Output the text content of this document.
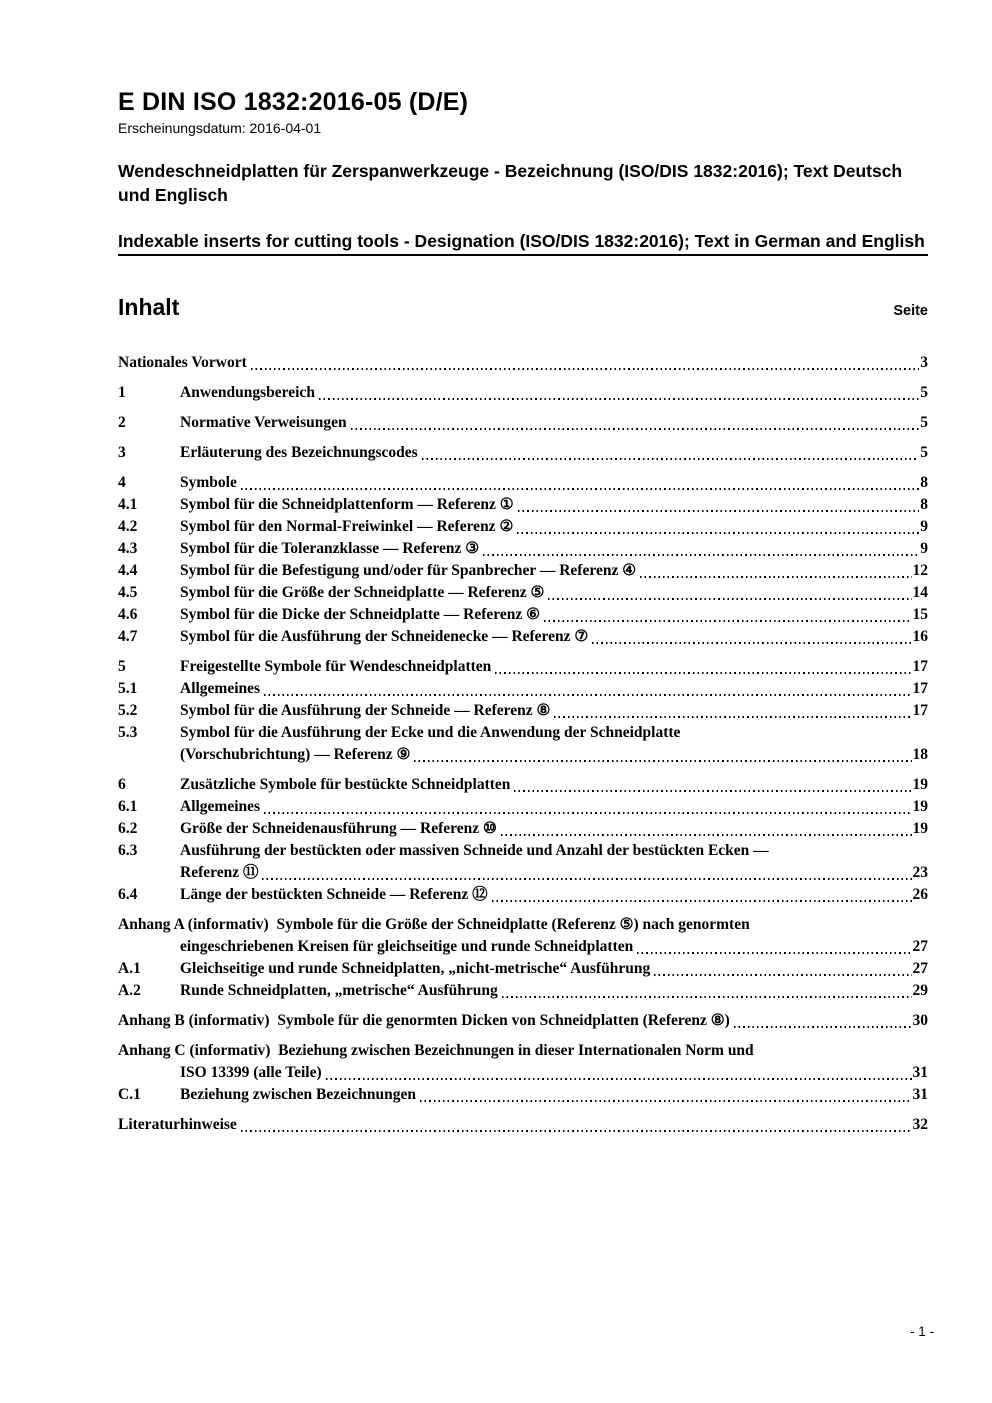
E DIN ISO 1832:2016-05 (D/E)
Erscheinungsdatum: 2016-04-01
Wendeschneidplatten für Zerspanwerkzeuge - Bezeichnung (ISO/DIS 1832:2016); Text Deutsch und Englisch
Indexable inserts for cutting tools - Designation (ISO/DIS 1832:2016); Text in German and English
Inhalt	Seite
Nationales Vorwort	3
1	Anwendungsbereich	5
2	Normative Verweisungen	5
3	Erläuterung des Bezeichnungscodes	5
4	Symbole	8
4.1	Symbol für die Schneidplattenform — Referenz ①	8
4.2	Symbol für den Normal-Freiwinkel — Referenz ②	9
4.3	Symbol für die Toleranzklasse — Referenz ③	9
4.4	Symbol für die Befestigung und/oder für Spanbrecher — Referenz ④	12
4.5	Symbol für die Größe der Schneidplatte — Referenz ⑤	14
4.6	Symbol für die Dicke der Schneidplatte — Referenz ⑥	15
4.7	Symbol für die Ausführung der Schneidenecke — Referenz ⑦	16
5	Freigestellte Symbole für Wendeschneidplatten	17
5.1	Allgemeines	17
5.2	Symbol für die Ausführung der Schneide — Referenz ⑧	17
5.3	Symbol für die Ausführung der Ecke und die Anwendung der Schneidplatte
(Vorschubrichtung) — Referenz ⑨	18
6	Zusätzliche Symbole für bestückte Schneidplatten	19
6.1	Allgemeines	19
6.2	Größe der Schneidenausführung — Referenz ⑩	19
6.3	Ausführung der bestückten oder massiven Schneide und Anzahl der bestückten Ecken —
Referenz ⑪	23
6.4	Länge der bestückten Schneide — Referenz ⑫	26
Anhang A (informativ)  Symbole für die Größe der Schneidplatte (Referenz ⑤) nach genormten
eingeschriebenen Kreisen für gleichseitige und runde Schneidplatten	27
A.1	Gleichseitige und runde Schneidplatten, „nicht-metrische“ Ausführung	27
A.2	Runde Schneidplatten, „metrische“ Ausführung	29
Anhang B (informativ)  Symbole für die genormten Dicken von Schneidplatten (Referenz ⑧)	30
Anhang C (informativ)  Beziehung zwischen Bezeichnungen in dieser Internationalen Norm und
ISO 13399 (alle Teile)	31
C.1	Beziehung zwischen Bezeichnungen	31
Literaturhinweise	32
- 1 -
